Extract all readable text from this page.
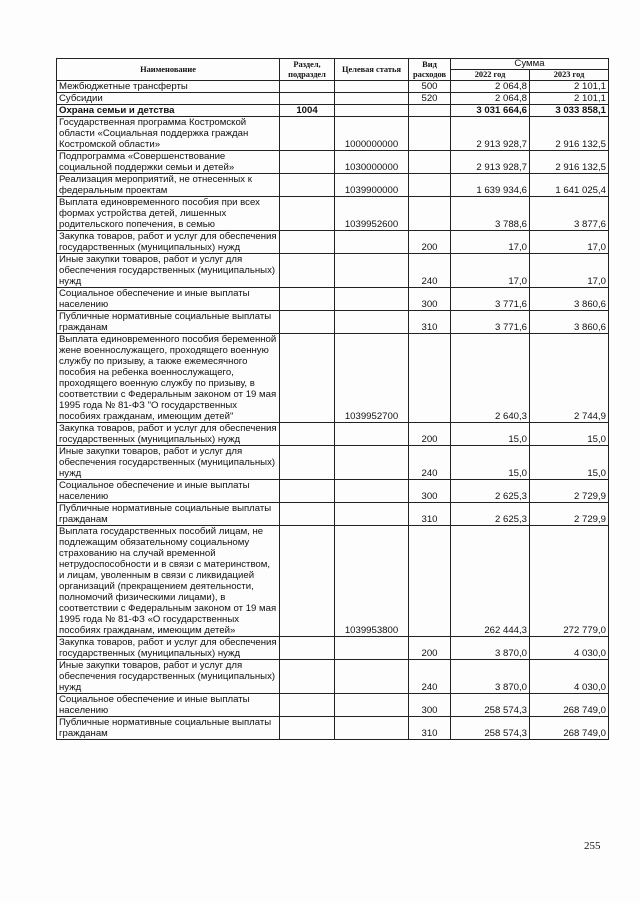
Наименование	Раздел, подраздел	Целевая статья	Вид расходов	Сумма	
				2022 год	2023 год
Межбюджетные трансферты			500	2 064,8	2 101,1
Субсидии			520	2 064,8	2 101,1
Охрана семьи и детства	1004			3 031 664,6	3 033 858,1
Государственная программа Костромской области «Социальная поддержка граждан Костромской области»		1000000000		2 913 928,7	2 916 132,5
Подпрограмма «Совершенствование социальной поддержки семьи и детей»		1030000000		2 913 928,7	2 916 132,5
Реализация мероприятий, не отнесенных к федеральным проектам		1039900000		1 639 934,6	1 641 025,4
Выплата единовременного пособия при всех формах устройства детей, лишенных родительского попечения, в семью		1039952600		3 788,6	3 877,6
Закупка товаров, работ и услуг для обеспечения государственных (муниципальных) нужд			200	17,0	17,0
Иные закупки товаров, работ и услуг для обеспечения государственных (муниципальных) нужд			240	17,0	17,0
Социальное обеспечение и иные выплаты населению			300	3 771,6	3 860,6
Публичные нормативные социальные выплаты гражданам			310	3 771,6	3 860,6
Выплата единовременного пособия беременной жене военнослужащего, проходящего военную службу по призыву, а также ежемесячного пособия на ребенка военнослужащего, проходящего военную службу по призыву, в соответствии с Федеральным законом от 19 мая 1995 года № 81-ФЗ "О государственных пособиях гражданам, имеющим детей"		1039952700		2 640,3	2 744,9
Закупка товаров, работ и услуг для обеспечения государственных (муниципальных) нужд			200	15,0	15,0
Иные закупки товаров, работ и услуг для обеспечения государственных (муниципальных) нужд			240	15,0	15,0
Социальное обеспечение и иные выплаты населению			300	2 625,3	2 729,9
Публичные нормативные социальные выплаты гражданам			310	2 625,3	2 729,9
Выплата государственных пособий лицам, не подлежащим обязательному социальному страхованию на случай временной нетрудоспособности и в связи с материнством, и лицам, уволенным в связи с ликвидацией организаций (прекращением деятельности, полномочий физическими лицами), в соответствии с Федеральным законом от 19 мая 1995 года № 81-ФЗ «О государственных пособиях гражданам, имеющим детей»		1039953800		262 444,3	272 779,0
Закупка товаров, работ и услуг для обеспечения государственных (муниципальных) нужд			200	3 870,0	4 030,0
Иные закупки товаров, работ и услуг для обеспечения государственных (муниципальных) нужд			240	3 870,0	4 030,0
Социальное обеспечение и иные выплаты населению			300	258 574,3	268 749,0
Публичные нормативные социальные выплаты гражданам			310	258 574,3	268 749,0
255
